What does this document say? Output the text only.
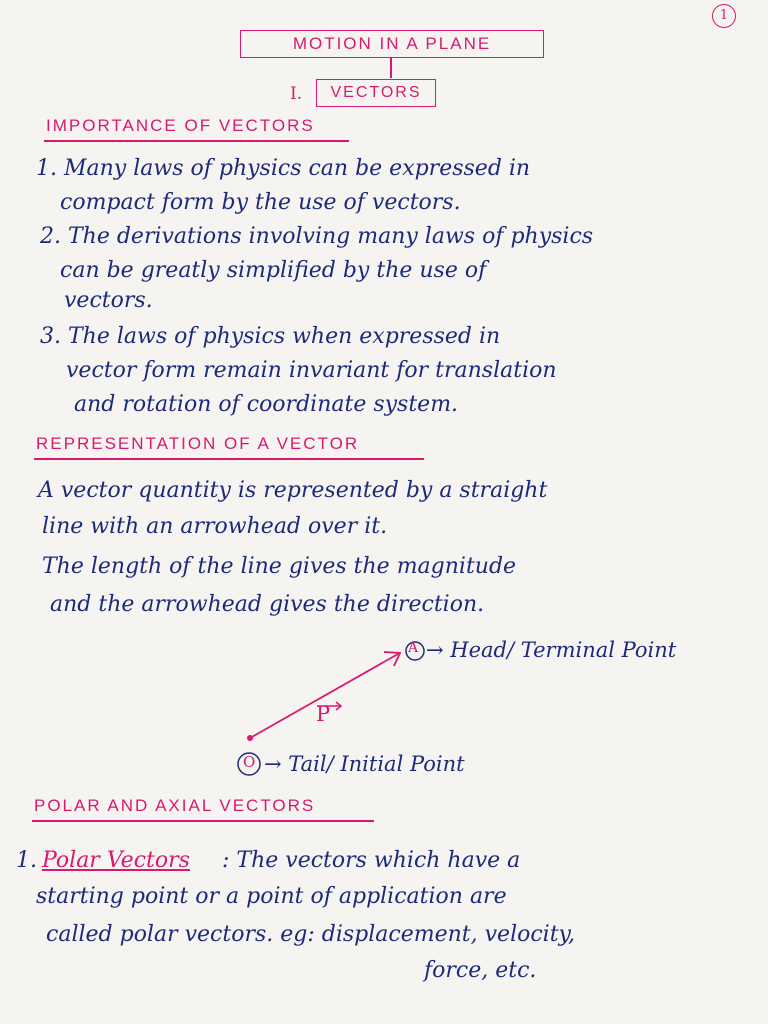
1
MOTION IN A PLANE
I.	VECTORS
IMPORTANCE OF VECTORS
1. Many laws of physics can be expressed in
compact form by the use of vectors.
2. The derivations involving many laws of physics
can be greatly simplified by the use of
vectors.
3. The laws of physics when expressed in
vector form remain invariant for translation
and rotation of coordinate system.
REPRESENTATION OF A VECTOR
A vector quantity is represented by a straight
line with an arrowhead over it.
The length of the line gives the magnitude
and the arrowhead gives the direction.
A → Head/ Terminal Point
O → Tail/ Initial Point
P
POLAR AND AXIAL VECTORS
1. Polar Vectors : The vectors which have a
starting point or a point of application are
called polar vectors. eg: displacement, velocity,
force, etc.
